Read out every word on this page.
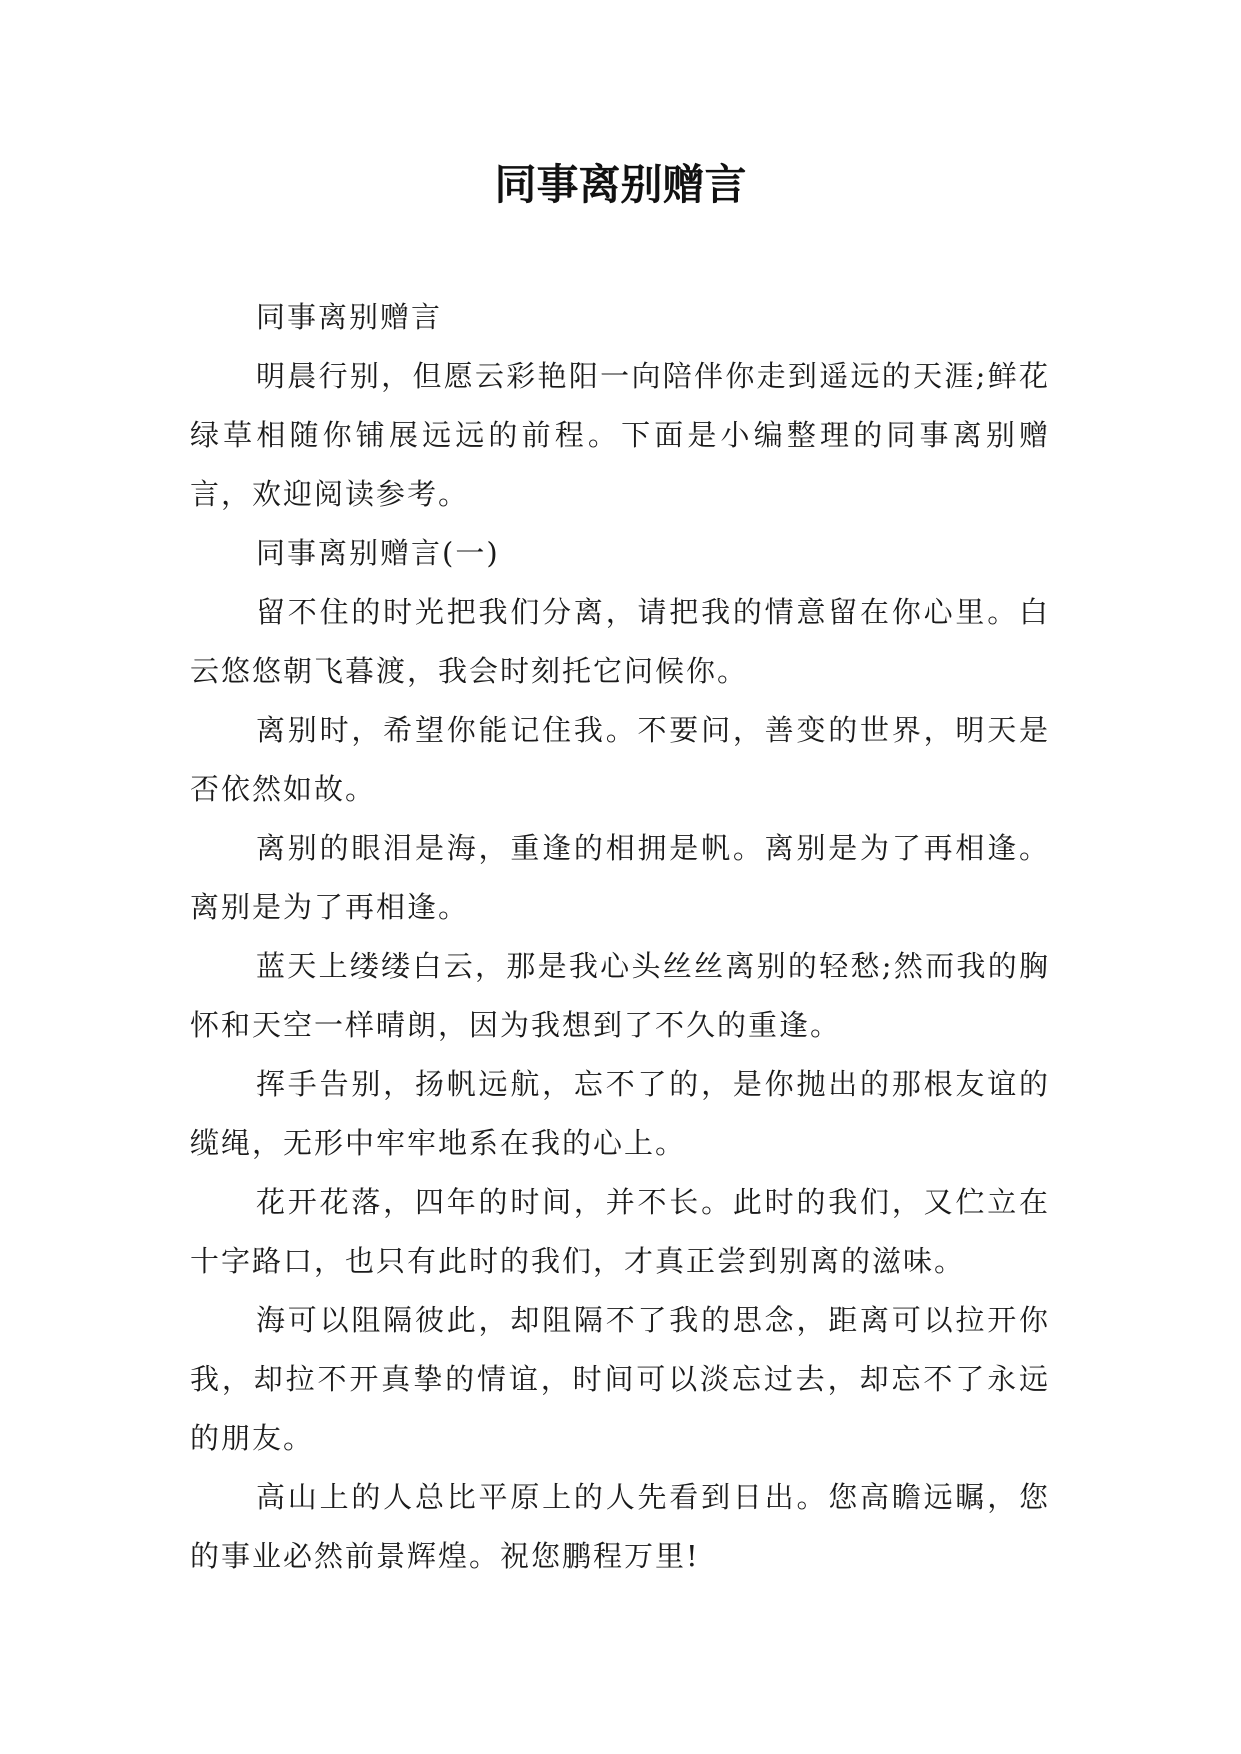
同事离别赠言

同事离别赠言

明晨行别，但愿云彩艳阳一向陪伴你走到遥远的天涯;鲜花绿草相随你铺展远远的前程。下面是小编整理的同事离别赠言，欢迎阅读参考。

同事离别赠言(一)

留不住的时光把我们分离，请把我的情意留在你心里。白云悠悠朝飞暮渡，我会时刻托它问候你。

离别时，希望你能记住我。不要问，善变的世界，明天是否依然如故。

离别的眼泪是海，重逢的相拥是帆。离别是为了再相逢。离别是为了再相逢。

蓝天上缕缕白云，那是我心头丝丝离别的轻愁;然而我的胸怀和天空一样晴朗，因为我想到了不久的重逢。

挥手告别，扬帆远航，忘不了的，是你抛出的那根友谊的缆绳，无形中牢牢地系在我的心上。

花开花落，四年的时间，并不长。此时的我们，又伫立在十字路口，也只有此时的我们，才真正尝到别离的滋味。

海可以阻隔彼此，却阻隔不了我的思念，距离可以拉开你我，却拉不开真挚的情谊，时间可以淡忘过去，却忘不了永远的朋友。

高山上的人总比平原上的人先看到日出。您高瞻远瞩，您的事业必然前景辉煌。祝您鹏程万里!
